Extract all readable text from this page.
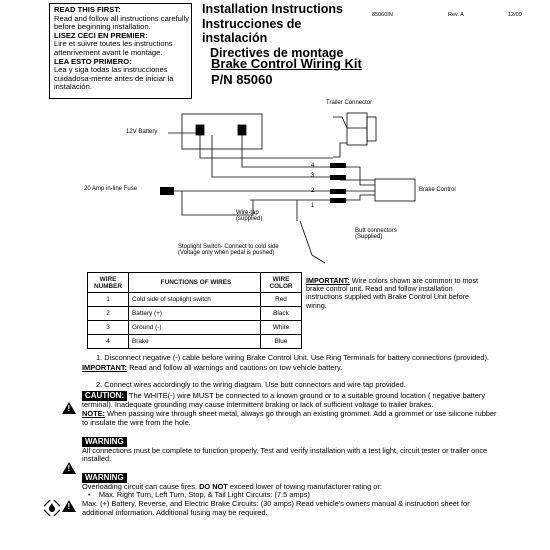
READ THIS FIRST:
Read and follow all instructions carefully before beginning installation.
LISEZ CECI EN PREMIER:
Lire et suivre toutes les instructions attenrivement avant le montage.
LEA ESTO PRIMERO:
Lea y siga todas las instrucciones cuidadosa-mente antes de iniciar la instalación.
Installation Instructions
Instrucciones de instalación
Directives de montage
85060IN	Rev. A	12/09
Brake Control Wiring Kit
P/N 85060
Trailer Connector
12V Battery
20 Amp in-line Fuse	Brake Control
4
3
2
1
Wire-tap
(supplied)
Butt connectors
(Supplied)
Stoplight Switch- Connect to cold side
(Voltage only when pedal is pushed)
WIRE NUMBER	FUNCTIONS OF WIRES	WIRE COLOR
1	Cold side of stoplight switch	Red
2	Battery (+)	Black
3	Ground (-)	White
4	Brake	Blue
IMPORTANT: Wire colors shown are common to most brake control unit. Read and follow installation instructions supplied with Brake Control Unit before wiring.
1. Disconnect negative (-) cable before wiring Brake Control Unit. Use Ring Terminals for battery connections (provided).
IMPORTANT: Read and follow all warnings and cautions on tow vehicle battery.
2. Connect wires accordingly to the wiring diagram. Use butt connectors and wire tap provided.
CAUTION: The WHITE(-) wire MUST be connected to a known ground or to a suitable ground location ( negative battery terminal). Inadequate grounding may cause intermittent braking or lack of sufficient voltage to trailer brakes.
NOTE: When passing wire through sheet metal, always go through an existing grommet. Add a grommet or use silicone rubber to insulate the wire from the hole.
WARNING
All connections must be complete to function properly. Test and verify installation with a test light, circuit tester or trailer once installed.
WARNING
Overloading circuit can cause fires. DO NOT exceed lower of towing manufacturer rating or:
• Max. Right Turn, Left Turn, Stop, & Tail Light Circuits: (7.5 amps)
Max. (+) Battery, Reverse, and Electric Brake Circuits: (30 amps) Read vehicle's owners manual & instruction sheet for additional information. Additional fusing may be required.
!
!
!
